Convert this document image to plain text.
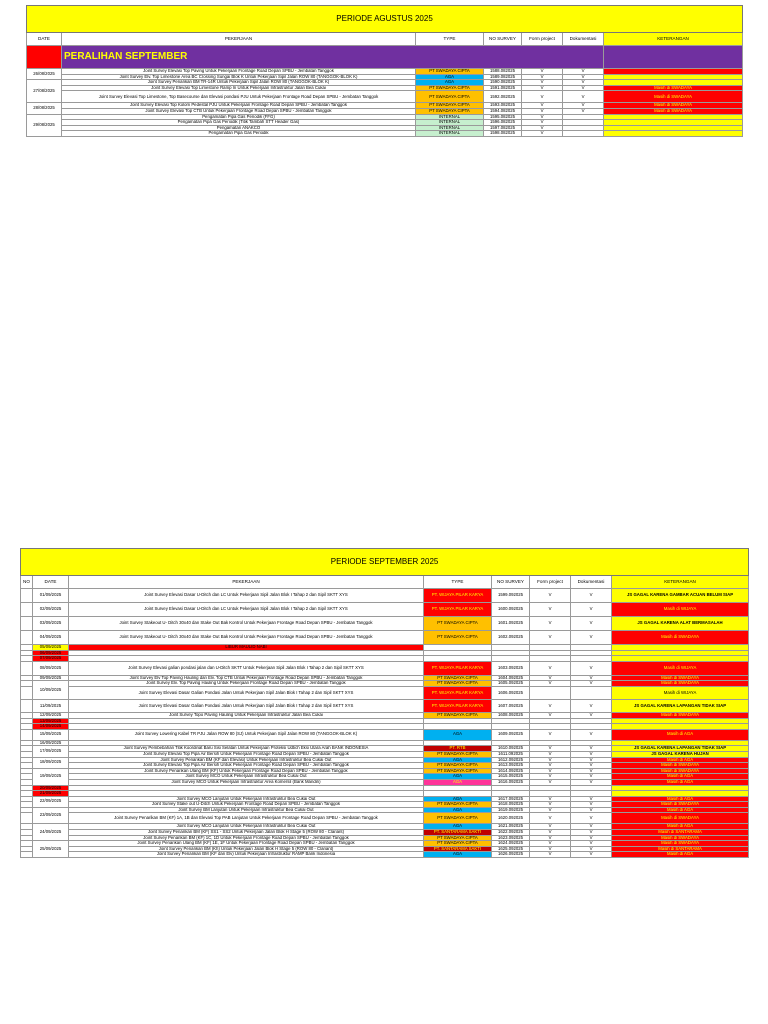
PERIODE AGUSTUS 2025						
DATE	PEKERJAAN	TYPE	NO SURVEY	Form project	Dokumentasi	KETERANGAN
	PERALIHAN SEPTEMBER					
26/08/2025	Joint Survey Elevasi Top Paving Untuk Pekerjaan Frontage Road Depan SPBU - Jembatan Tanggok	PT SWADAYA CIPTA	1588.082025	V	V	
	Joint Survey Elv. Top Limestone Area BC Crossing Sungai Blok K Untuk Pekerjaan Sipil Jalan ROW 80 (TANGGOK-BLOK K)	AGA	1589.082025	V	V	
27/08/2025	Joint Survey Penarikan BM TR-14R Untuk Pekerjaan Sipil Jalan ROW 80 (TANGGOK-BLOK K)	AGA	1590.082025	V	V	
	Joint Survey Elevasi Top Limestone Ramp In Untuk Pekerjaan Infrastruktur Jalan Bea Cukai	PT SWADAYA CIPTA	1591.082025	V	V	Masih di SWADAYA
	Joint Survey Elevasi Top Limestone, Top Basecourse dan Elevasi pondasi PJU Untuk Pekerjaan Frontage Road Depan SPBU - Jembatan Tanggok	PT SWADAYA CIPTA	1592.082025	V	V	Masih di SWADAYA
28/08/2025	Joint Survey Elevasi Top Kolom Pedestal PJU Untuk Pekerjaan Frontage Road Depan SPBU - Jembatan Tanggok	PT SWADAYA CIPTA	1593.082025	V	V	Masih di SWADAYA
	Joint Survey Elevasi Top CTB Untuk Pekerjaan Frontage Road Depan SPBU - Jembatan Tanggok	PT SWADAYA CIPTA	1594.082025	V	V	Masih di SWADAYA
29/08/2025	Pengamatan Pipa Gas Periodik (FFG)	INTERNAL	1595.082025	V		
	Pengamatan Pipa Gas Periodik (Titik Tambah STT Header Gas)	INTERNAL	1596.082025	V		
	Pengamatan ANAKCO	INTERNAL	1597.082025	V		
	Pengamatan Pipa Gas Periodik	INTERNAL	1598.082025	V		
PERIODE SEPTEMBER 2025							
NO	DATE	PEKERJAAN	TYPE	NO SURVEY	Form project	Dokumentasi	KETERANGAN
	01/09/2025	Joint Survey Elevasi Dasar U-Ditch dan LC Untuk Pekerjaan Sipil Jalan Blok I Tahap 2 dan Sipil SKTT XYS	PT. WIJAYA PILAR KARYA	1599.092025	V	V	JS GAGAL KARENA GAMBAR ACUAN BELUM SIAP
	02/09/2025	Joint Survey Elevasi Dasar U-Ditch dan LC Untuk Pekerjaan Sipil Jalan Blok I Tahap 2 dan Sipil SKTT XYS	PT. WIJAYA PILAR KARYA	1600.092025	V	V	Masih di WIJAYA
	03/09/2025	Joint Survey Stakeout U- Ditch 30x40 dan Stake Out Bak Kontrol Untuk Pekerjaan Frontage Road Depan SPBU - Jembatan Tanggok	PT SWADAYA CIPTA	1601.092025	V	V	JS GAGAL KARENA ALAT BERMASALAH
	04/09/2025	Joint Survey Stakeout U- Ditch 30x40 dan Stake Out Bak Kontrol Untuk Pekerjaan Frontage Road Depan SPBU - Jembatan Tanggok	PT SWADAYA CIPTA	1602.092025	V	V	Masih di SWADAYA
	05/09/2025	LIBUR MAULID NABI					
	06/09/2025						
	07/09/2025						
	08/09/2025	Joint Survey Elevasi galian pondasi jalan dan U-Ditch SKTT Untuk Pekerjaan Sipil Jalan Blok I Tahap 2 dan Sipil SKTT XYS	PT. WIJAYA PILAR KARYA	1603.092025	V	V	Masih di WIJAYA
	09/09/2025	Joint Survey Elv Top Paving Hauling dan Elv. Top CTB Untuk Pekerjaan Frontage Road Depan SPBU - Jembatan Tanggok	PT SWADAYA CIPTA	1604.092025	V	V	Masih di SWADAYA
	10/09/2025	Joint Survey Elv. Top Paving Hauling Untuk Pekerjaan Frontage Road Depan SPBU - Jembatan Tanggok	PT SWADAYA CIPTA	1605.092025	V	V	Masih di SWADAYA
		Joint Survey Elevasi Dasar Galian Pondasi Jalan Untuk Pekerjaan Sipil Jalan Blok I Tahap 2 dan Sipil SKTT XYS	PT. WIJAYA PILAR KARYA	1606.092025			Masih di WIJAYA
	11/09/2025	Joint Survey Elevasi Dasar Galian Pondasi Jalan Untuk Pekerjaan Sipil Jalan Blok I Tahap 2 dan Sipil SKTT XYS	PT. WIJAYA PILAR KARYA	1607.092025	V	V	JS GAGAL KARENA LAPANGAN TIDAK SIAP
	12/09/2025	Joint Survey Topo Paving Hauling Untuk Pekerjaan Infrastruktur Jalan Bea Cukai	PT SWADAYA CIPTA	1608.092025	V	V	Masih di SWADAYA
	13/09/2025						
	14/09/2025						
	15/09/2025	Joint Survey Lowering Kabel TR PJU Jalan ROW 80 (SJ) Untuk Pekerjaan Sipil Jalan ROW 80 (TANGGOK-BLOK K)	AGA	1609.092025	V	V	Masih di AGA
	16/09/2025						
	17/09/2025	Joint Survey Pembebahan Titik Koordinat Baru Sisi Selatan Untuk Pekerjaan Proteksi Udtich Eksi Utara Arah BANK INDONESIA	PT. RTB	1610.092025	V	V	JS GAGAL KARENA LAPANGAN TIDAK SIAP
		Joint Survey Elevasi Top Pipa Air Bersih Untuk Pekerjaan Frontage Road Depan SPBU - Jembatan Tanggok	PT SWADAYA CIPTA	1611.092025	V	V	JS GAGAL KARENA HUJAN
	18/09/2025	Joint Survey Penarikan BM (KF dan Elevasi) Untuk Pekerjaan Infrastruktur Bea Cukai Out	AGA	1612.092025	V	V	Masih di AGA
		Joint Survey Elevasi Top Pipa Air Bersih Untuk Pekerjaan Frontage Road Depan SPBU - Jembatan Tanggok	PT SWADAYA CIPTA	1613.092025	V	V	Masih di SWADAYA
	19/09/2025	Joint Survey Penarikan Ulang BM (KF) Untuk Pekerjaan Frontage Road Depan SPBU - Jembatan Tanggok	PT SWADAYA CIPTA	1614.092025	V	V	Masih di SWADAYA
		Joint Survey MCO Untuk Pekerjaan Infrastruktur Bea Cukai Out	AGA	1615.092025	V	V	Masih di AGA
		Joint Survey MCO Untuk Pekerjaan Infrastruktur Area Komersil (Bank Mandiri)	AGA	1616.092025	V	V	Masih di AGA
	20/09/2025						
	21/09/2025						
	22/09/2025	Joint Survey MCO Lanjutan Untuk Pekerjaan Infrastruktur Bea Cukai Out	AGA	1617.092025	V	V	Masih di AGA
		Joint Survey Stake out U-Ditch Untuk Pekerjaan Frontage Road Depan SPBU - Jembatan Tanggok	PT SWADAYA CIPTA	1618.092025	V	V	Masih di SWADAYA
	23/09/2025	Joint Survey BM Lanjutan Untuk Pekerjaan Infrastruktur Bea Cukai Out	AGA	1619.092025	V	V	Masih di AGA
		Joint Survey Penarikan BM (KF) 1A, 1B dan Elevasi Top PAB Lanjutan Untuk Pekerjaan Frontage Road Depan SPBU - Jembatan Tanggok	PT SWADAYA CIPTA	1620.092025	V	V	Masih di SWADAYA
	24/09/2025	Joint Survey MCO Lanjutan Untuk Pekerjaan Infrastruktur Bea Cukai Out	AGA	1621.092025	V	V	Masih di AGA
		Joint Survey Penarikan BM (KF) SS1 - SS2 Untuk Pekerjaan Jalan Blok H Stage 5 (ROW 80 - Clariant)	PT. SANTARAMA SAKTI	1622.092025	V	V	Masih di SANTARAMA
		Joint Survey Penarikan BM (KF) 1C, 1D Untuk Pekerjaan Frontage Road Depan SPBU - Jembatan Tanggok	PT SWADAYA CIPTA	1623.092025	V	V	Masih di SWADAYA
	25/09/2025	Joint Survey Penarikan Ulang BM (KF) 1E, 1F Untuk Pekerjaan Frontage Road Depan SPBU - Jembatan Tanggok	PT SWADAYA CIPTA	1624.092025	V	V	Masih di SWADAYA
		Joint Survey Penarikan BM (Kh) Untuk Pekerjaan Jalan Blok H Stage 5 (ROW 80 - Clariant)	PT. SANTARAMA SAKTI	1625.092025	V	V	Masih di SANTARAMA
		Joint Survey Penarikan BM (KF dan Elv) Untuk Pekerjaan Infrastruktur RAMP Bank Indonesia	AGA	1626.092025	V	V	Masih di AGA
